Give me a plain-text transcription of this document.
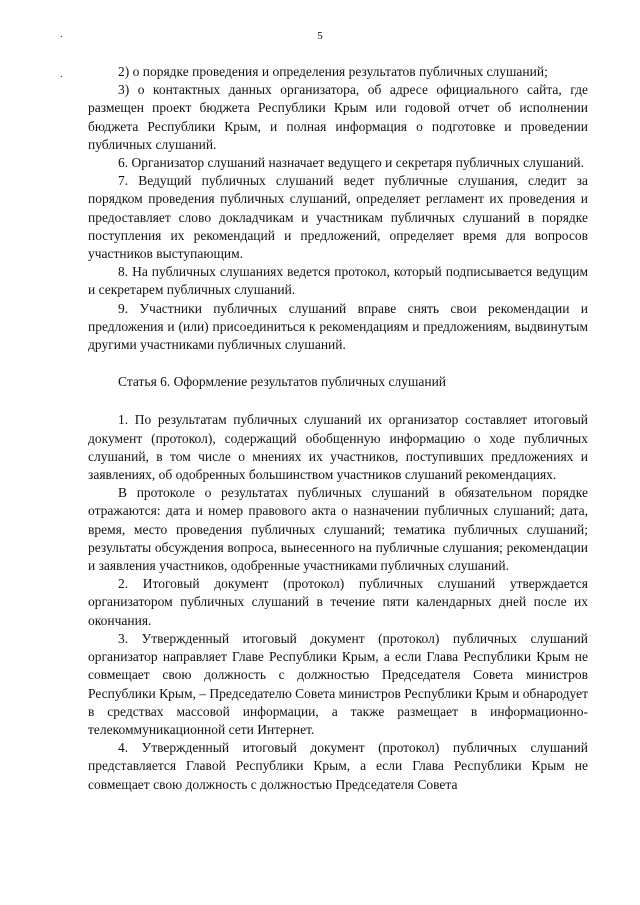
5
.
.	2) о порядке проведения и определения результатов публичных слушаний;

3) о контактных данных организатора, об адресе официального сайта, где размещен проект бюджета Республики Крым или годовой отчет об исполнении бюджета Республики Крым, и полная информация о подготовке и проведении публичных слушаний.

6. Организатор слушаний назначает ведущего и секретаря публичных слушаний.

7. Ведущий публичных слушаний ведет публичные слушания, следит за порядком проведения публичных слушаний, определяет регламент их проведения и предоставляет слово докладчикам и участникам публичных слушаний в порядке поступления их рекомендаций и предложений, определяет время для вопросов участников выступающим.

8. На публичных слушаниях ведется протокол, который подписывается ведущим и секретарем публичных слушаний.

9. Участники публичных слушаний вправе снять свои рекомендации и предложения и (или) присоединиться к рекомендациям и предложениям, выдвинутым другими участниками публичных слушаний.

Статья 6. Оформление результатов публичных слушаний

1. По результатам публичных слушаний их организатор составляет итоговый документ (протокол), содержащий обобщенную информацию о ходе публичных слушаний, в том числе о мнениях их участников, поступивших предложениях и заявлениях, об одобренных большинством участников слушаний рекомендациях.

В протоколе о результатах публичных слушаний в обязательном порядке отражаются: дата и номер правового акта о назначении публичных слушаний; дата, время, место проведения публичных слушаний; тематика публичных слушаний; результаты обсуждения вопроса, вынесенного на публичные слушания; рекомендации и заявления участников, одобренные участниками публичных слушаний.

2. Итоговый документ (протокол) публичных слушаний утверждается организатором публичных слушаний в течение пяти календарных дней после их окончания.

3. Утвержденный итоговый документ (протокол) публичных слушаний организатор направляет Главе Республики Крым, а если Глава Республики Крым не совмещает свою должность с должностью Председателя Совета министров Республики Крым, – Председателю Совета министров Республики Крым и обнародует в средствах массовой информации, а также размещает в информационно-телекоммуникационной сети Интернет.

4. Утвержденный итоговый документ (протокол) публичных слушаний представляется Главой Республики Крым, а если Глава Республики Крым не совмещает свою должность с должностью Председателя Совета
